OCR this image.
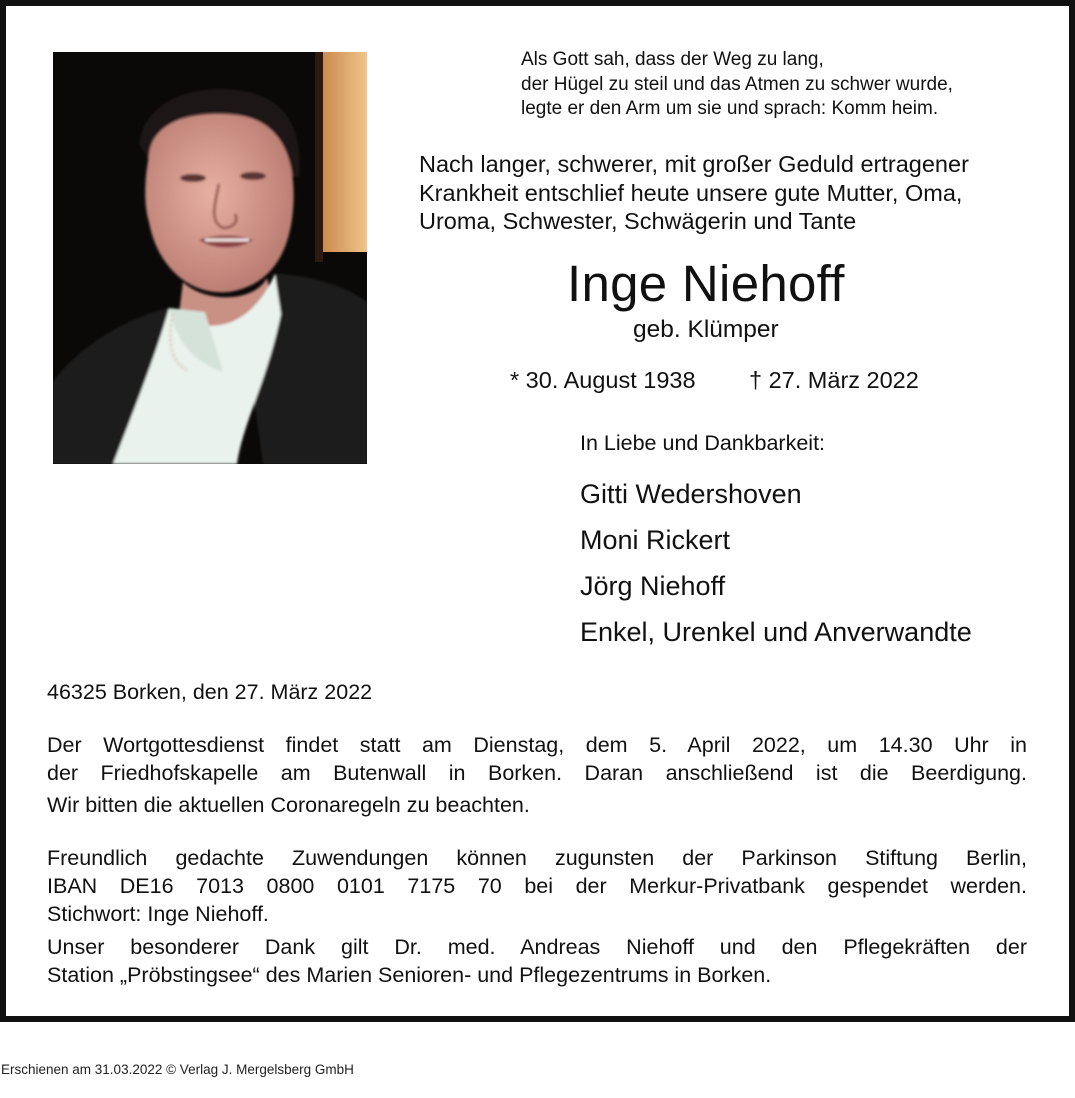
Als Gott sah, dass der Weg zu lang,
der Hügel zu steil und das Atmen zu schwer wurde,
legte er den Arm um sie und sprach: Komm heim.
Nach langer, schwerer, mit großer Geduld ertragener
Krankheit entschlief heute unsere gute Mutter, Oma,
Uroma, Schwester, Schwägerin und Tante
Inge Niehoff
geb. Klümper
* 30. August 1938 † 27. März 2022
In Liebe und Dankbarkeit:
Gitti Wedershoven
Moni Rickert
Jörg Niehoff
Enkel, Urenkel und Anverwandte
46325 Borken, den 27. März 2022
Der Wortgottesdienst findet statt am Dienstag, dem 5. April 2022, um 14.30 Uhr in
der Friedhofskapelle am Butenwall in Borken. Daran anschließend ist die Beerdigung.
Wir bitten die aktuellen Coronaregeln zu beachten.
Freundlich gedachte Zuwendungen können zugunsten der Parkinson Stiftung Berlin,
IBAN DE16 7013 0800 0101 7175 70 bei der Merkur-Privatbank gespendet werden.
Stichwort: Inge Niehoff.
Unser besonderer Dank gilt Dr. med. Andreas Niehoff und den Pflegekräften der
Station „Pröbstingsee“ des Marien Senioren- und Pflegezentrums in Borken.
Erschienen am 31.03.2022 © Verlag J. Mergelsberg GmbH
